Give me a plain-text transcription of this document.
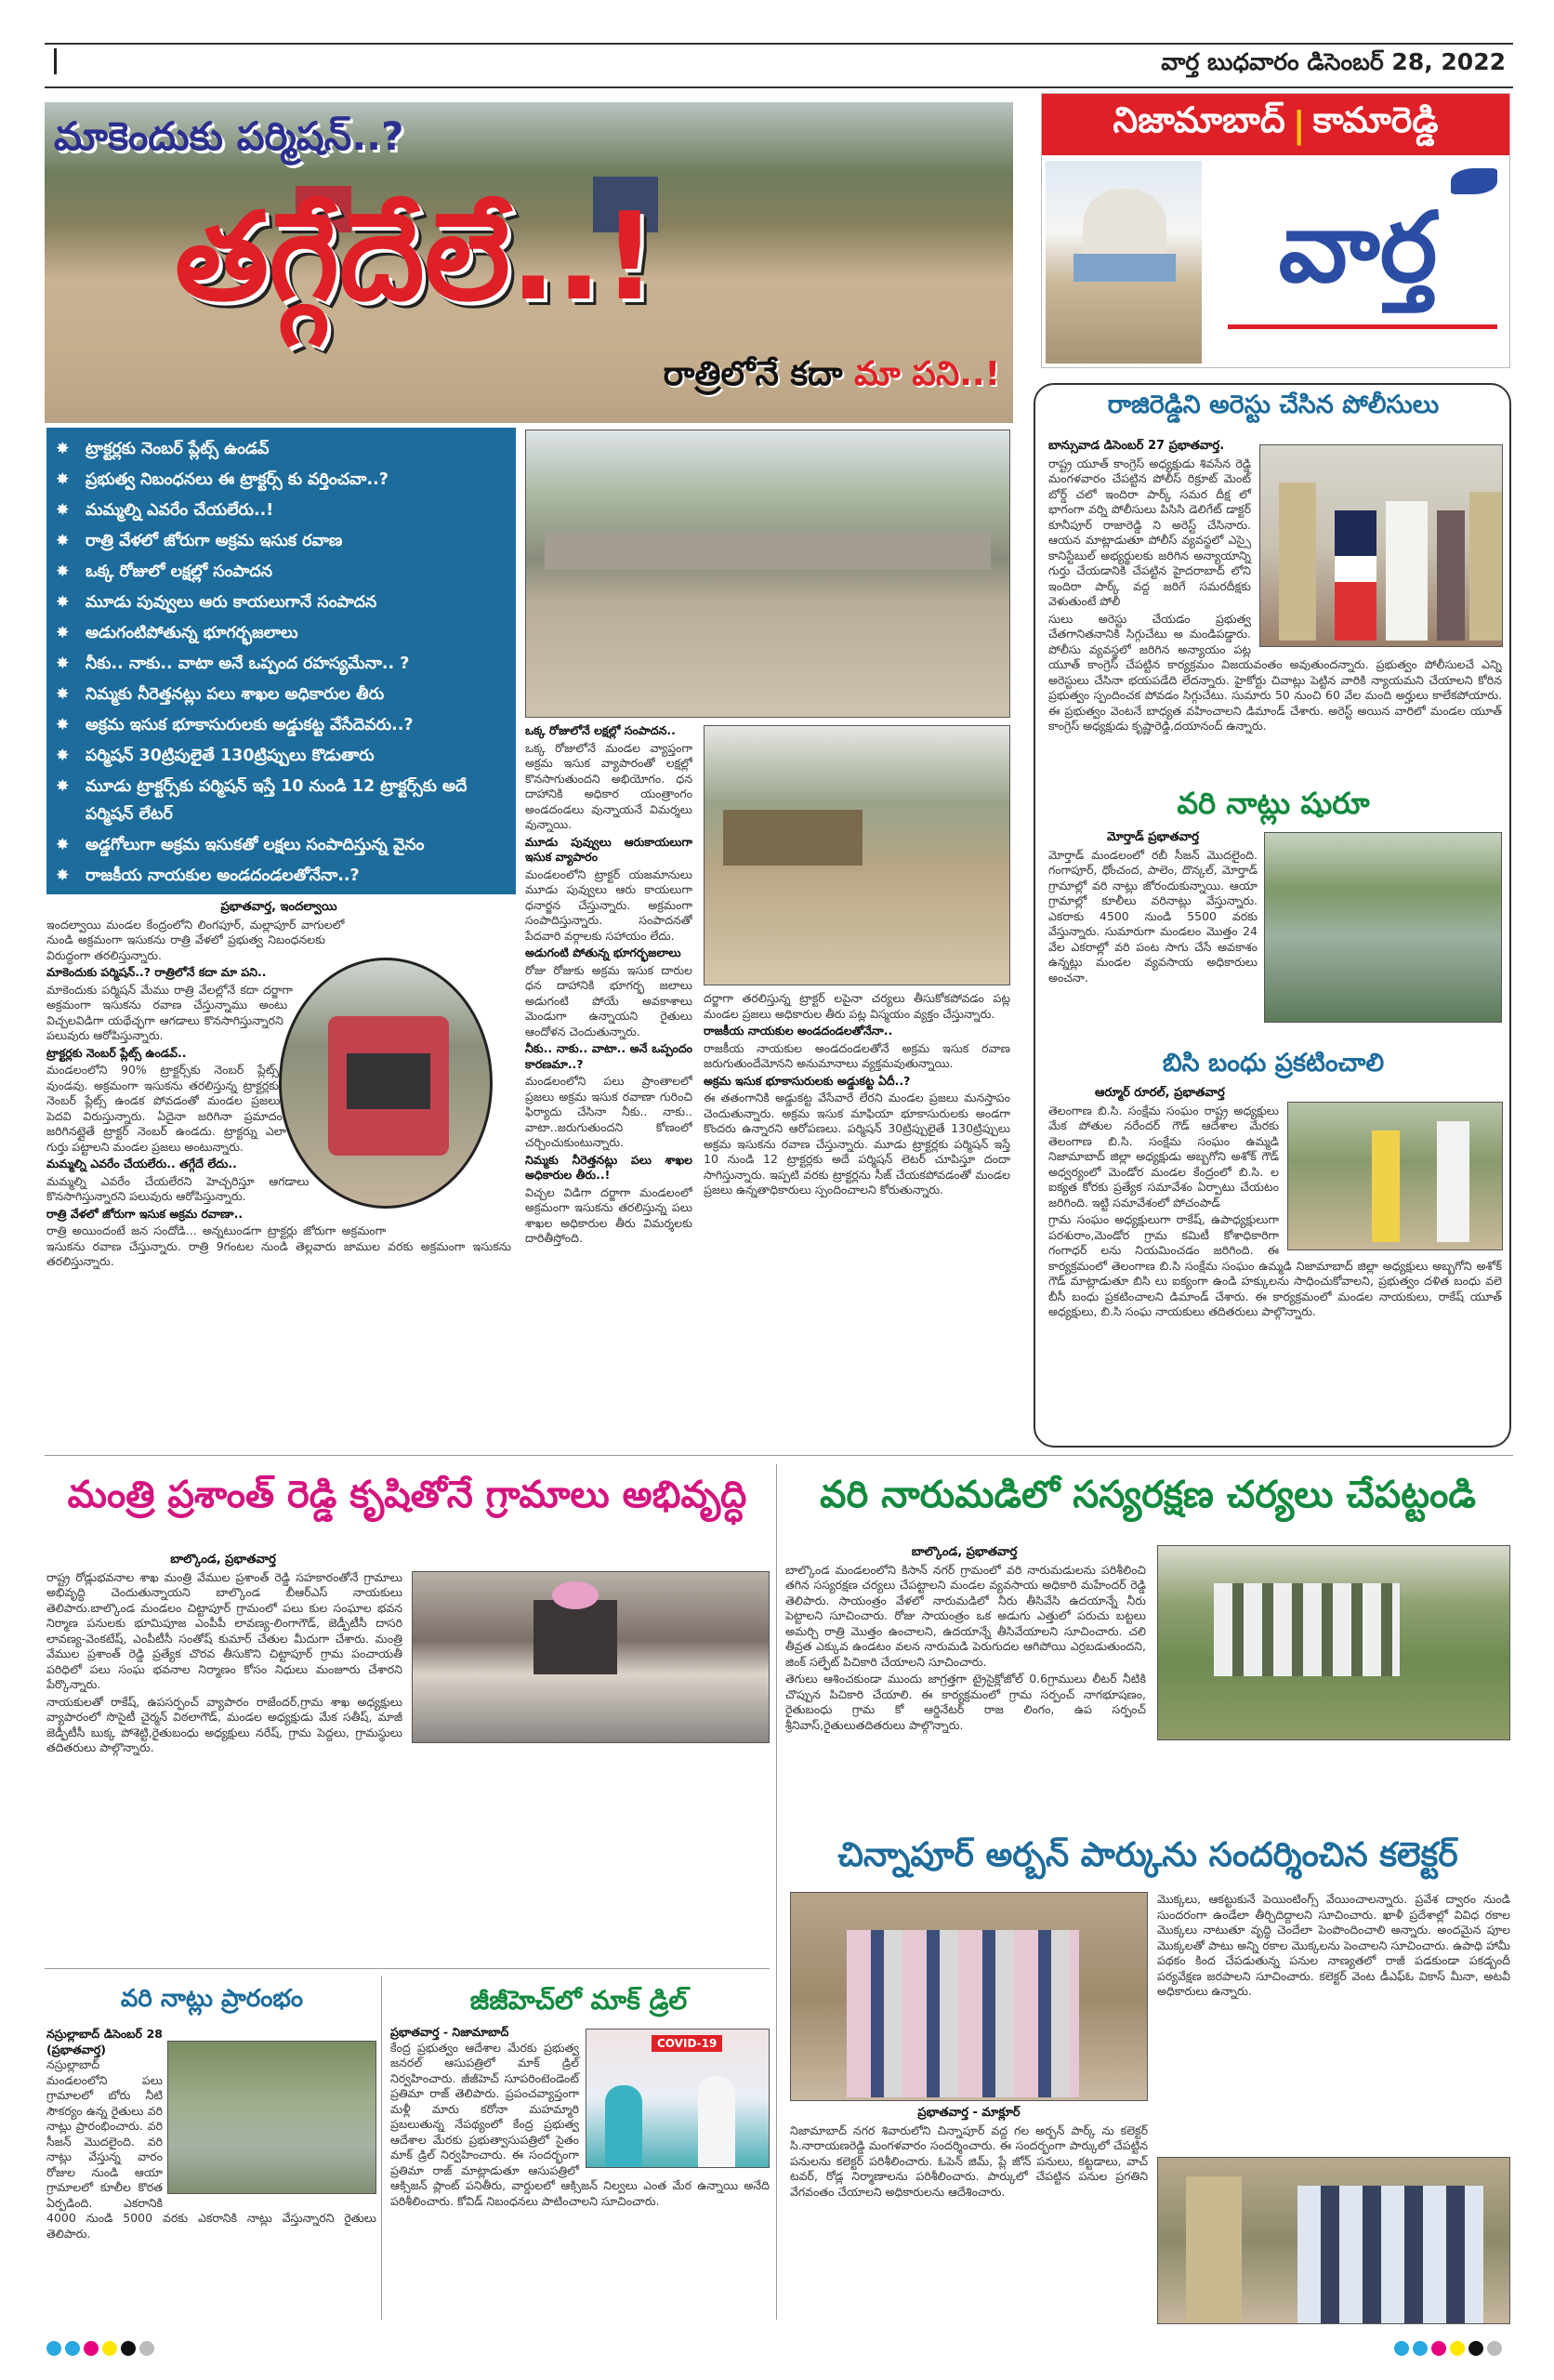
వార్త బుధవారం డిసెంబర్ 28, 2022
నిజామాబాద్ | కామారెడ్డి
వార్త
మాకెందుకు పర్మిషన్..?
తగ్గేదేలే..!
రాత్రిలోనే కదా మా పని..!
✸ ట్రాక్టర్లకు నెంబర్ ప్లేట్స్ ఉండవ్
✸ ప్రభుత్వ నిబంధనలు ఈ ట్రాక్టర్స్ కు వర్తించవా..?
✸ మమ్మల్ని ఎవరేం చేయలేరు..!
✸ రాత్రి వేళలో జోరుగా అక్రమ ఇసుక రవాణ
✸ ఒక్క రోజులో లక్షల్లో సంపాదన
✸ మూడు పువ్వులు ఆరు కాయలుగానే సంపాదన
✸ అడుగంటిపోతున్న భూగర్భజలాలు
✸ నీకు.. నాకు.. వాటా అనే ఒప్పంద రహస్యమేనా.. ?
✸ నిమ్మకు నీరెత్తనట్లు పలు శాఖల అధికారుల తీరు
✸ అక్రమ ఇసుక భూకాసురులకు అడ్డుకట్ట వేసేదెవరు..?
✸ పర్మిషన్ 30ట్రిపులైతే 130ట్రిప్పులు కొడుతారు
✸ మూడు ట్రాక్టర్స్‌కు పర్మిషన్ ఇస్తే 10 నుండి 12 ట్రాక్టర్స్‌కు అదే పర్మిషన్ లేటర్
✸ అడ్డగోలుగా అక్రమ ఇసుకతో లక్షలు సంపాదిస్తున్న వైనం
✸ రాజకీయ నాయకుల అండదండలతోనేనా..?
ప్రభాతవార్త, ఇందల్వాయి

ఇందల్వాయి మండల కేంద్రంలోని లింగపూర్, మల్లాపూర్ వాగులలో నుండి అక్రమంగా ఇసుకను రాత్రి వేళలో ప్రభుత్వ నిబంధనలకు విరుద్ధంగా తరలిస్తున్నారు.

మాకెందుకు పర్మిషన్..? రాత్రిలోనే కదా మా పని..

మాకెందుకు పర్మిషన్ మేము రాత్రి వేలల్లోనే కదా దర్జాగా అక్రమంగా ఇసుకను రవాణ చేస్తున్నాము అంటు విచ్చలవిడిగా యథేచ్ఛగా ఆగడాలు కొనసాగిస్తున్నారని పలువురు ఆరోపిస్తున్నారు.

ట్రాక్టర్లకు నెంబర్ ప్లేట్స్ ఉండవ్..

మండలంలోని 90% ట్రాక్టర్స్‌కు నెంబర్ ప్లేట్స్ వుండవు. అక్రమంగా ఇసుకను తరలిస్తున్న ట్రాక్టర్లకు నెంబర్ ప్లేట్స్ ఉండక పోవడంతో మండల ప్రజలు పెదవి విరుస్తున్నారు. ఏదైనా జరిగినా ప్రమాదం జరిగినట్లైతే ట్రాక్టర్ నెంబర్ ఉండదు. ట్రాక్టర్ను ఎలా గుర్తు పట్టాలని మండల ప్రజలు అంటున్నారు.

మమ్మల్ని ఎవరేం చేయలేరు.. తగ్గేదే లేదు..

మమ్మల్ని ఎవరేం చేయలేరని హెచ్చరిస్తూ ఆగడాలు కొనసాగిస్తున్నారని పలువురు ఆరోపిస్తున్నారు.

రాత్రి వేళలో జోరుగా ఇసుక అక్రమ రవాణా..

రాత్రి అయిందంటే జన సందోడి... అన్నటుండగా ట్రాక్టర్లు జోరుగా అక్రమంగా ఇసుకను రవాణ చేస్తున్నారు. రాత్రి 9గంటల నుండి తెల్లవారు జాముల వరకు అక్రమంగా ఇసుకను తరలిస్తున్నారు.

ఒక్క రోజులోనే లక్షల్లో సంపాదన..

ఒక్క రోజులోనే మండల వ్యాప్తంగా అక్రమ ఇసుక వ్యాపారంతో లక్షల్లో కొనసాగుతుందని అభియోగం. ధన దాహానికి అధికార యంత్రాంగం అండదండలు వున్నాయనే విమర్శలు వున్నాయి.

మూడు పువ్వులు ఆరుకాయలుగా ఇసుక వ్యాపారం

మండలంలోని ట్రాక్టర్ యజమానులు మూడు పువ్వులు ఆరు కాయలుగా ధనార్జన చేస్తున్నారు. అక్రమంగా సంపాదిస్తున్నారు. సంపాదనతో పేదవారి వర్గాలకు సహాయం లేదు.

అడుగంటి పోతున్న భూగర్భజలాలు

రోజు రోజుకు అక్రమ ఇసుక దారుల ధన దాహానికి భూగర్భ జలాలు అడుగంటి పోయే అవకాశాలు మెండుగా ఉన్నాయని రైతులు ఆందోళన చెందుతున్నారు.

నీకు.. నాకు.. వాటా.. అనే ఒప్పందం కారణమా..?

మండలంలోని పలు ప్రాంతాలలో ప్రజలు అక్రమ ఇసుక రవాణా గురించి ఫిర్యాదు చేసినా నీకు.. నాకు.. వాటా..జరుగుతుందని కోణంలో చర్చించుకుంటున్నారు.

నిమ్మకు నీరెత్తనట్లు పలు శాఖల అధికారుల తీరు..!

విచ్చల విడిగా దర్జాగా మండలంలో అక్రమంగా ఇసుకను తరలిస్తున్న పలు శాఖల అధికారుల తీరు విమర్శలకు దారితీస్తోంది.

దర్జాగా తరలిస్తున్న ట్రాక్టర్ లపైనా చర్యలు తీసుకోకపోవడం పట్ల మండల ప్రజలు అధికారుల తీరు పట్ల విస్మయం వ్యక్తం చేస్తున్నారు.

రాజకీయ నాయకుల అండదండలతోనేనా..

రాజకీయ నాయకుల అండదండలతోనే అక్రమ ఇసుక రవాణ జరుగుతుందేమోనని అనుమానాలు వ్యక్తమవుతున్నాయి.

అక్రమ ఇసుక భూకాసురులకు అడ్డుకట్ట ఏదీ..?

ఈ తతంగానికి అడ్డుకట్ట వేసేవారే లేరని మండల ప్రజలు మనస్తాపం చెందుతున్నారు. అక్రమ ఇసుక మాఫియా భూకాసురులకు అండగా కొందరు ఉన్నారని ఆరోపణలు. పర్మిషన్ 30ట్రిప్పులైతే 130ట్రిప్పులు అక్రమ ఇసుకను రవాణ చేస్తున్నారు. మూడు ట్రాక్టర్లకు పర్మిషన్ ఇస్తే 10 నుండి 12 ట్రాక్టర్లకు అదే పర్మిషన్ లెటర్ చూపిస్తూ దందా సాగిస్తున్నారు. ఇప్పటి వరకు ట్రాక్టర్లను సీజ్ చేయకపోవడంతో మండల ప్రజలు ఉన్నతాధికారులు స్పందించాలని కోరుతున్నారు.

రాజిరెడ్డిని అరెస్టు చేసిన పోలీసులు
బాన్సువాడ డిసెంబర్ 27 ప్రభాతవార్త.

రాష్ట్ర యూత్ కాంగ్రెస్ అధ్యక్షుడు శివసేన రెడ్డి మంగళవారం చేపట్టిన పోలీస్ రిక్రూట్ మెంట్ బోర్డ్ చలో ఇందిరా పార్క్ సమర దీక్ష లో భాగంగా వర్ని పోలీసులు పిసిసి డెలిగేట్ డాక్టర్ కూనీపూర్ రాజారెడ్డి ని అరెస్ట్ చేసినారు. ఆయన మాట్లాడుతూ పోలీస్ వ్యవస్థలో ఎస్సై కానిస్టేబుల్ అభ్యర్థులకు జరిగిన అన్యాయాన్ని గుర్తు చేయడానికి చేపట్టిన హైదరాబాద్ లోని ఇందిరా పార్క్ వద్ద జరిగే సమరదీక్షకు వెళుతుంటే పోలీ

సులు అరెస్టు చేయడం ప్రభుత్వ చేతగానితనానికి సిగ్గుచేటు అ మండిపడ్డారు. పోలీసు వ్యవస్థలో జరిగిన అన్యాయం పట్ల యూత్ కాంగ్రెస్ చేపట్టిన కార్యక్రమం విజయవంతం అవుతుందన్నారు. ప్రభుత్వం పోలీసులచే ఎన్ని అరెస్టులు చేసినా భయపడేది లేదన్నారు. హైకోర్టు చివాట్లు పెట్టిన వారికి న్యాయమని చేయాలని కోరిన ప్రభుత్వం స్పందించక పోవడం సిగ్గుచేటు. సుమారు 50 నుంచి 60 వేల మంది అర్హులు కాలేకపోయారు. ఈ ప్రభుత్వం వెంటనే బాధ్యత వహించాలని డిమాండ్ చేశారు. అరెస్ట్ అయిన వారిలో మండల యూత్ కాంగ్రెస్ అధ్యక్షుడు కృష్ణారెడ్డి,దయానంద్ ఉన్నారు.

వరి నాట్లు షురూ
మోర్తాడ్ ప్రభాతవార్త

మోర్తాడ్ మండలంలో రబీ సీజన్ మొదలైంది. గంగాపూర్, ధోంచంద, పాలెం, దొన్కల్, మోర్తాడ్ గ్రామాల్లో వరి నాట్లు జోరందుకున్నాయి. ఆయా గ్రామాల్లో కూలీలు వరినాట్లు వేస్తున్నారు. ఎకరాకు 4500 నుండి 5500 వరకు వేస్తున్నారు. సుమారుగా మండలం మొత్తం 24 వేల ఎకరాల్లో వరి పంట సాగు చేసే అవకాశం ఉన్నట్లు మండల వ్యవసాయ అధికారులు అంచనా.

బిసి బంధు ప్రకటించాలి
ఆర్మూర్ రూరల్, ప్రభాతవార్త

తెలంగాణ బి.సి. సంక్షేమ సంఘం రాష్ట్ర అధ్యక్షులు మేక పోతుల నరేందర్ గౌడ్ ఆదేశాల మేరకు తెలంగాణ బి.సి. సంక్షేమ సంఘం ఉమ్మడి నిజామాబాద్ జిల్లా అధ్యక్షుడు అబ్బగోని అశోక్ గౌడ్ అధ్వర్యంలో మెండోర మండల కేంద్రంలో బి.సి. ల ఐక్యత కోరకు ప్రత్యేక సమావేశం ఏర్పాటు చేయటం జరిగింది. ఇట్టి సమావేశంలో పోచంపాడ్

గ్రామ సంఘం అధ్యక్షులుగా రాకేష్, ఉపాధ్యక్షులుగా పరశురాం,మెండోర గ్రామ కమిటీ కోశాధికారిగా గంగాధర్ లను నియమించడం జరిగింది. ఈ కార్యక్రమంలో తెలంగాణ బి.సి సంక్షేమ సంఘం ఉమ్మడి నిజామాబాద్ జిల్లా అధ్యక్షులు అబ్బగోని అశోక్ గౌడ్ మాట్లాడుతూ బిసి లు ఐక్యంగా ఉండి హక్కులను సాధించుకోవాలని, ప్రభుత్వం దళిత బంధు వలె బీసీ బంధు ప్రకటించాలని డిమాండ్ చేశారు. ఈ కార్యక్రమంలో మండల నాయకులు, రాకేష్ యూత్ అధ్యక్షులు, బి.సి సంఘ నాయకులు తదితరులు పాల్గొన్నారు.

మంత్రి ప్రశాంత్ రెడ్డి కృషితోనే గ్రామాలు అభివృద్ధి
బాల్కొండ, ప్రభాతవార్త

రాష్ట్ర రోడ్లుభవనాల శాఖ మంత్రి వేముల ప్రశాంత్ రెడ్డి సహకారంతోనే గ్రామాలు అభివృద్ధి చెందుతున్నాయని బాల్కొండ బీఆర్ఎస్ నాయకులు తెలిపారు.బాల్కొండ మండలం చిట్టాపూర్ గ్రామంలో పలు కుల సంఘాల భవన నిర్మాణ పనులకు భూమిపూజ ఎంపీపీ లావణ్య-లింగాగౌడ్, జెడ్పీటీసీ దాసరి లావణ్య-వెంకటేష్, ఎంపీటీసీ సంతోష్ కుమార్ చేతుల మీదుగా చేశారు. మంత్రి వేముల ప్రశాంత్ రెడ్డి ప్రత్యేక చొరవ తీసుకొని చిట్టాపూర్ గ్రామ పంచాయతీ పరిధిలో పలు సంఘ భవనాల నిర్మాణం కోసం నిధులు మంజూరు చేశారని పేర్కొన్నారు.

నాయకులతో రాకేష్, ఉపసర్పంచ్ వ్యాపారం రాజేందర్,గ్రామ శాఖ అధ్యక్షులు వ్యాపారంలో సొసైటీ చైర్మన్ విఠలాగౌడ్, మండల అధ్యక్షుడు మేక సతీష్, మాజీ జెడ్పీటీసీ బుక్క పోశెట్టి,రైతుబంధు అధ్యక్షులు నరేష్, గ్రామ పెద్దలు, గ్రామస్థులు తదితరులు పాల్గొన్నారు.

వరి నారుమడిలో సస్యరక్షణ చర్యలు చేపట్టండి
బాల్కొండ, ప్రభాతవార్త

బాల్కొండ మండలంలోని కిసాన్ నగర్ గ్రామంలో వరి నారుమడులను పరిశీలించి తగిన సస్యరక్షణ చర్యలు చేపట్టాలని మండల వ్యవసాయ అధికారి మహేందర్ రెడ్డి తెలిపారు. సాయంత్రం వేళలో నారుమడిలో నీరు తీసివేసి ఉదయాన్నే నీరు పెట్టాలని సూచించారు. రోజు సాయంత్రం ఒక అడుగు ఎత్తులో పరుచు బట్టలు అమర్చి రాత్రి మొత్తం ఉంచాలని, ఉదయాన్నే తీసివేయాలని సూచించారు. చలి తీవ్రత ఎక్కువ ఉండటం వలన నారుమడి పెరుగుదల ఆగిపోయి ఎర్రబడుతుందని, జింక్ సల్ఫేట్ పిచికారి చేయాలని సూచించారు.

తెగులు ఆశించకుండా ముందు జాగ్రత్తగా ట్రైసైక్లోజోల్ 0.6గ్రాములు లీటర్ నీటికి చొప్పున పిచికారి చేయాలి. ఈ కార్యక్రమంలో గ్రామ సర్పంచ్ నాగభూషణం, రైతుబంధు గ్రామ కో ఆర్డినేటర్ రాజ లింగం, ఉప సర్పంచ్ శ్రీనివాస్,రైతులుతదితరులు పాల్గొన్నారు.

చిన్నాపూర్ అర్బన్ పార్కును సందర్శించిన కలెక్టర్

మొక్కలు, ఆకట్టుకునే పెయింటింగ్స్ వేయించాలన్నారు. ప్రవేశ ద్వారం నుండి సుందరంగా ఉండేలా తీర్చిదిద్దాలని సూచించారు. ఖాళీ ప్రదేశాల్లో వివిధ రకాల మొక్కలు నాటుతూ వృద్ధి చెందేలా పెంపొందించాలి అన్నారు. అందమైన పూల మొక్కలతో పాటు అన్ని రకాల మొక్కలను పెంచాలని సూచించారు. ఉపాధి హామీ పథకం కింద చేపడుతున్న పనుల నాణ్యతలో రాజీ పడకుండా పకడ్బందీ పర్యవేక్షణ జరపాలని సూచించారు. కలెక్టర్ వెంట డీఎఫ్ఓ వికాస్ మీనా, అటవీ అధికారులు ఉన్నారు.

ప్రభాతవార్త - మాక్లూర్

నిజామాబాద్ నగర శివారులోని చిన్నాపూర్ వద్ద గల అర్బన్ పార్క్ ను కలెక్టర్ సి.నారాయణరెడ్డి మంగళవారం సందర్శించారు. ఈ సందర్భంగా పార్కులో చేపట్టిన పనులను కలెక్టర్ పరిశీలించారు. ఓపెన్ జిమ్, ప్లే జోన్ పనులు, కట్టడాలు, వాచ్ టవర్, రోడ్ల నిర్మాణాలను పరిశీలించారు. పార్కులో చేపట్టిన పనుల ప్రగతిని వేగవంతం చేయాలని అధికారులను ఆదేశించారు.

వరి నాట్లు ప్రారంభం
నస్రుల్లాబాద్ డిసెంబర్ 28 (ప్రభాతవార్త)

నస్రుల్లాబాద్ మండలంలోని పలు గ్రామాలలో బోరు నీటి సౌకర్యం ఉన్న రైతులు వరి నాట్లు ప్రారంభించారు. వరి సీజన్ మొదలైంది. వరి నాట్లు వేస్తున్న వారం రోజుల నుండి ఆయా గ్రామాలలో కూలీల కొరత ఏర్పడింది. ఎకరానికి 4000 నుండి 5000 వరకు ఎకరానికి నాట్లు వేస్తున్నారని రైతులు తెలిపారు.

జీజీహెచ్‌లో మాక్ డ్రిల్
COVID-19
ప్రభాతవార్త - నిజామాబాద్

కేంద్ర ప్రభుత్వం ఆదేశాల మేరకు ప్రభుత్వ జనరల్ ఆసుపత్రిలో మాక్ డ్రిల్ నిర్వహించారు. జీజీహెచ్ సూపరింటెండెంట్ ప్రతిమా రాజ్ తెలిపారు. ప్రపంచవ్యాప్తంగా మళ్లీ మారు కరోనా మహమ్మారి ప్రబలుతున్న నేపథ్యంలో కేంద్ర ప్రభుత్వ ఆదేశాల మేరకు ప్రభుత్వాసుపత్రిలో సైతం మాక్ డ్రిల్ నిర్వహించారు. ఈ సందర్భంగా ప్రతిమా రాజ్ మాట్లాడుతూ ఆసుపత్రిలో ఆక్సిజన్ ప్లాంట్ పనితీరు, వార్డులలో ఆక్సిజన్ నిల్వలు ఎంత మేర ఉన్నాయి అనేది పరిశీలించారు. కోవిడ్ నిబంధనలు పాటించాలని సూచించారు.
